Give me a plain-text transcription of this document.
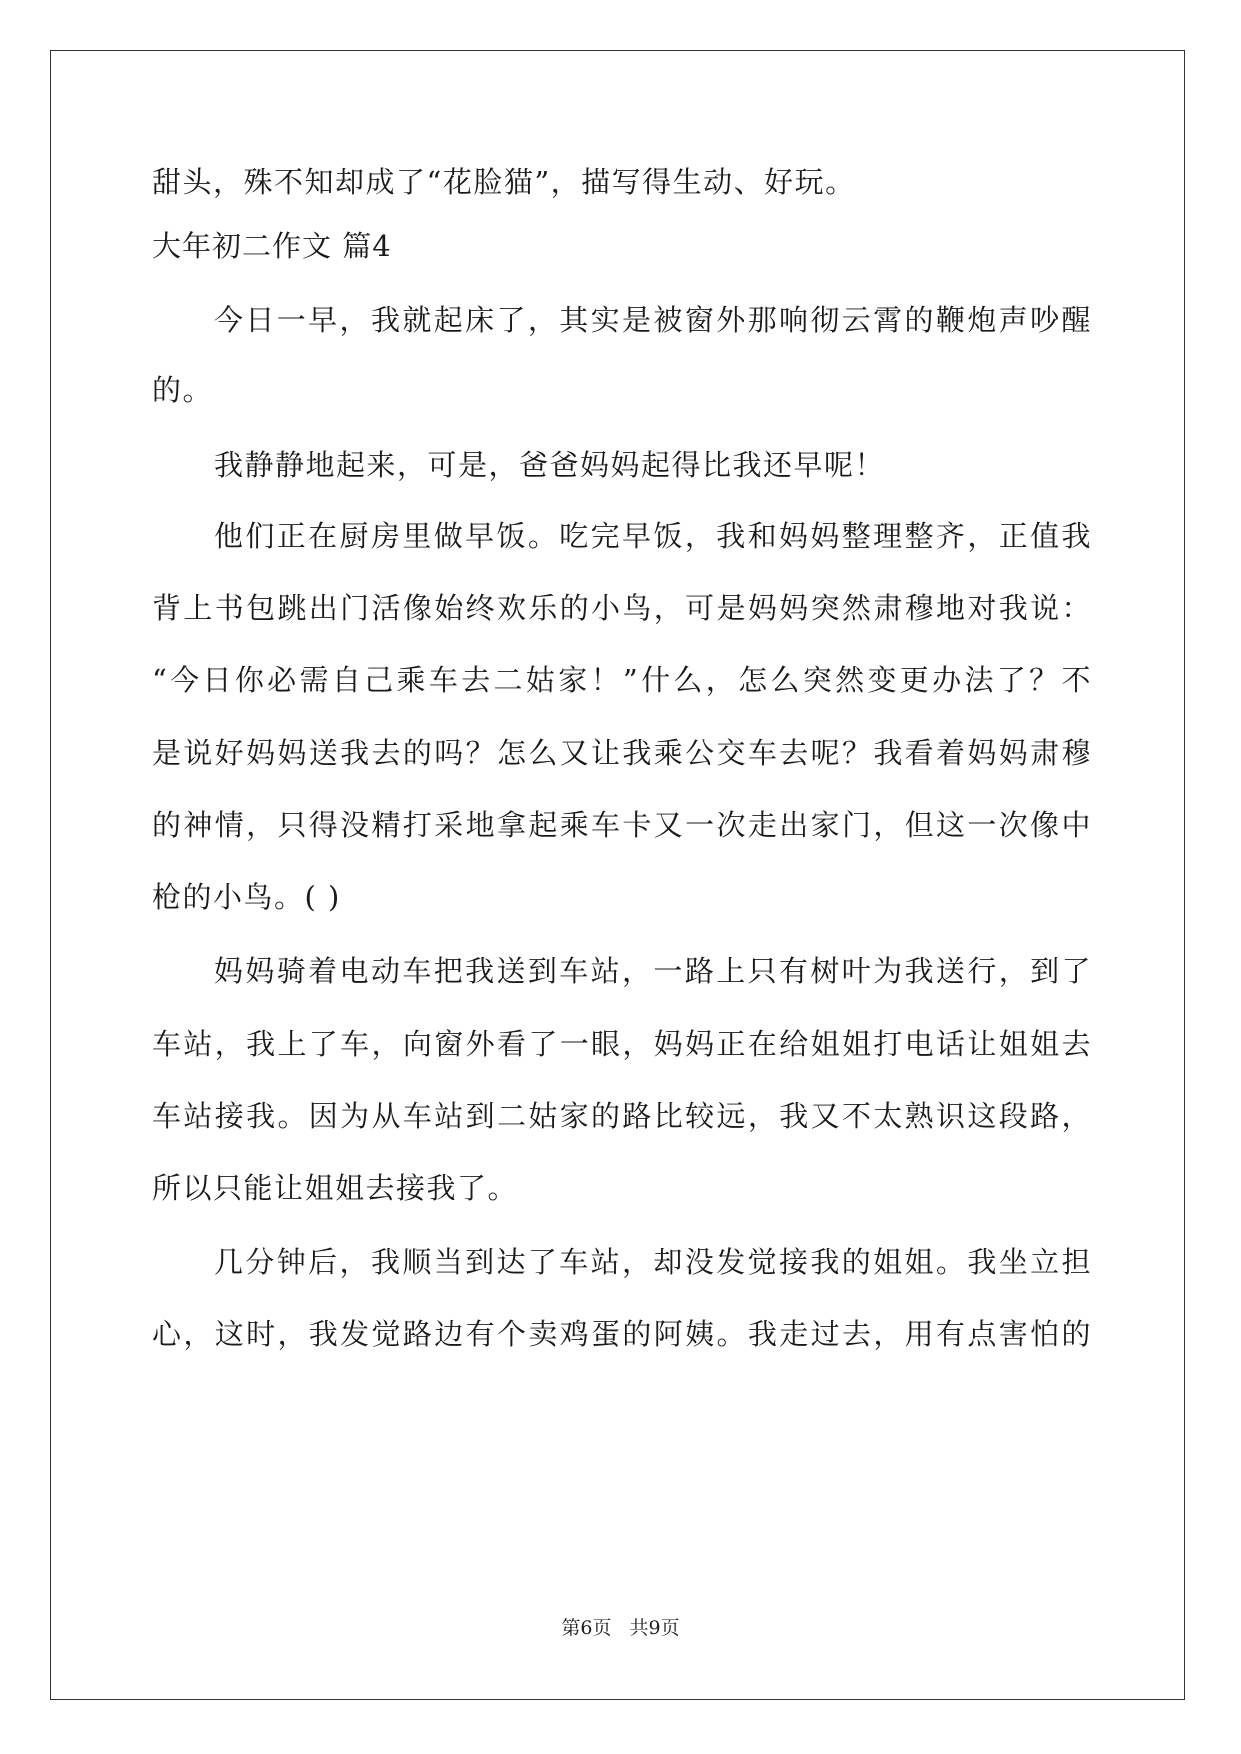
甜头，殊不知却成了“花脸猫”，描写得生动、好玩。
大年初二作文 篇4
今日一早，我就起床了，其实是被窗外那响彻云霄的鞭炮声吵醒
的。
我静静地起来，可是，爸爸妈妈起得比我还早呢！
他们正在厨房里做早饭。吃完早饭，我和妈妈整理整齐，正值我
背上书包跳出门活像始终欢乐的小鸟，可是妈妈突然肃穆地对我说：
“今日你必需自己乘车去二姑家！”什么，怎么突然变更办法了？不
是说好妈妈送我去的吗？怎么又让我乘公交车去呢？我看着妈妈肃穆
的神情，只得没精打采地拿起乘车卡又一次走出家门，但这一次像中
枪的小鸟。( )
妈妈骑着电动车把我送到车站，一路上只有树叶为我送行，到了
车站，我上了车，向窗外看了一眼，妈妈正在给姐姐打电话让姐姐去
车站接我。因为从车站到二姑家的路比较远，我又不太熟识这段路，
所以只能让姐姐去接我了。
几分钟后，我顺当到达了车站，却没发觉接我的姐姐。我坐立担
心，这时，我发觉路边有个卖鸡蛋的阿姨。我走过去，用有点害怕的
第6页 共9页
